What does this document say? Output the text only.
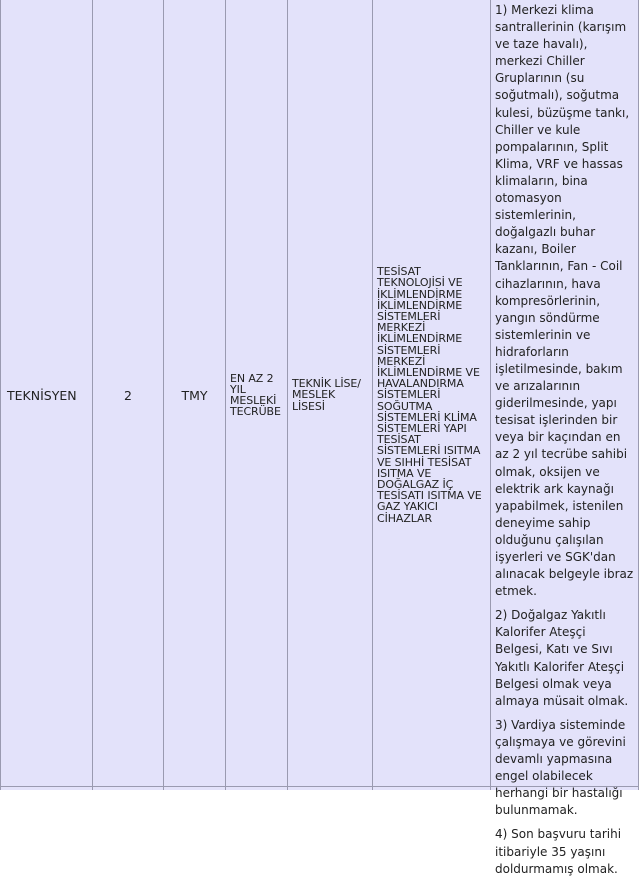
TEKNİSYEN	2	TMY
EN AZ 2 YIL MESLEKİ TECRÜBE
TEKNİK LİSE/ MESLEK LİSESİ
TESİSAT TEKNOLOJİSİ VE İKLİMLENDİRME İKLİMLENDİRME SİSTEMLERİ MERKEZİ İKLİMLENDİRME SİSTEMLERİ MERKEZİ İKLİMLENDİRME VE HAVALANDIRMA SİSTEMLERİ SOĞUTMA SİSTEMLERİ KLİMA SİSTEMLERİ YAPI TESİSAT SİSTEMLERİ ISITMA VE SIHHİ TESİSAT ISITMA VE DOĞALGAZ İÇ TESİSATI ISITMA VE GAZ YAKICI CİHAZLAR

1) Merkezi klima santrallerinin (karışım ve taze havalı), merkezi Chiller Gruplarının (su soğutmalı), soğutma kulesi, büzüşme tankı, Chiller ve kule pompalarının, Split Klima, VRF ve hassas klimaların, bina otomasyon sistemlerinin, doğalgazlı buhar kazanı, Boiler Tanklarının, Fan - Coil cihazlarının, hava kompresörlerinin, yangın söndürme sistemlerinin ve hidraforların işletilmesinde, bakım ve arızalarının giderilmesinde, yapı tesisat işlerinden bir veya bir kaçından en az 2 yıl tecrübe sahibi olmak, oksijen ve elektrik ark kaynağı yapabilmek, istenilen deneyime sahip olduğunu çalışılan işyerleri ve SGK'dan alınacak belgeyle ibraz etmek.

2) Doğalgaz Yakıtlı Kalorifer Ateşçi Belgesi, Katı ve Sıvı Yakıtlı Kalorifer Ateşçi Belgesi olmak veya almaya müsait olmak.

3) Vardiya sisteminde çalışmaya ve görevini devamlı yapmasına engel olabilecek herhangi bir hastalığı bulunmamak.

4) Son başvuru tarihi itibariyle 35 yaşını doldurmamış olmak.
